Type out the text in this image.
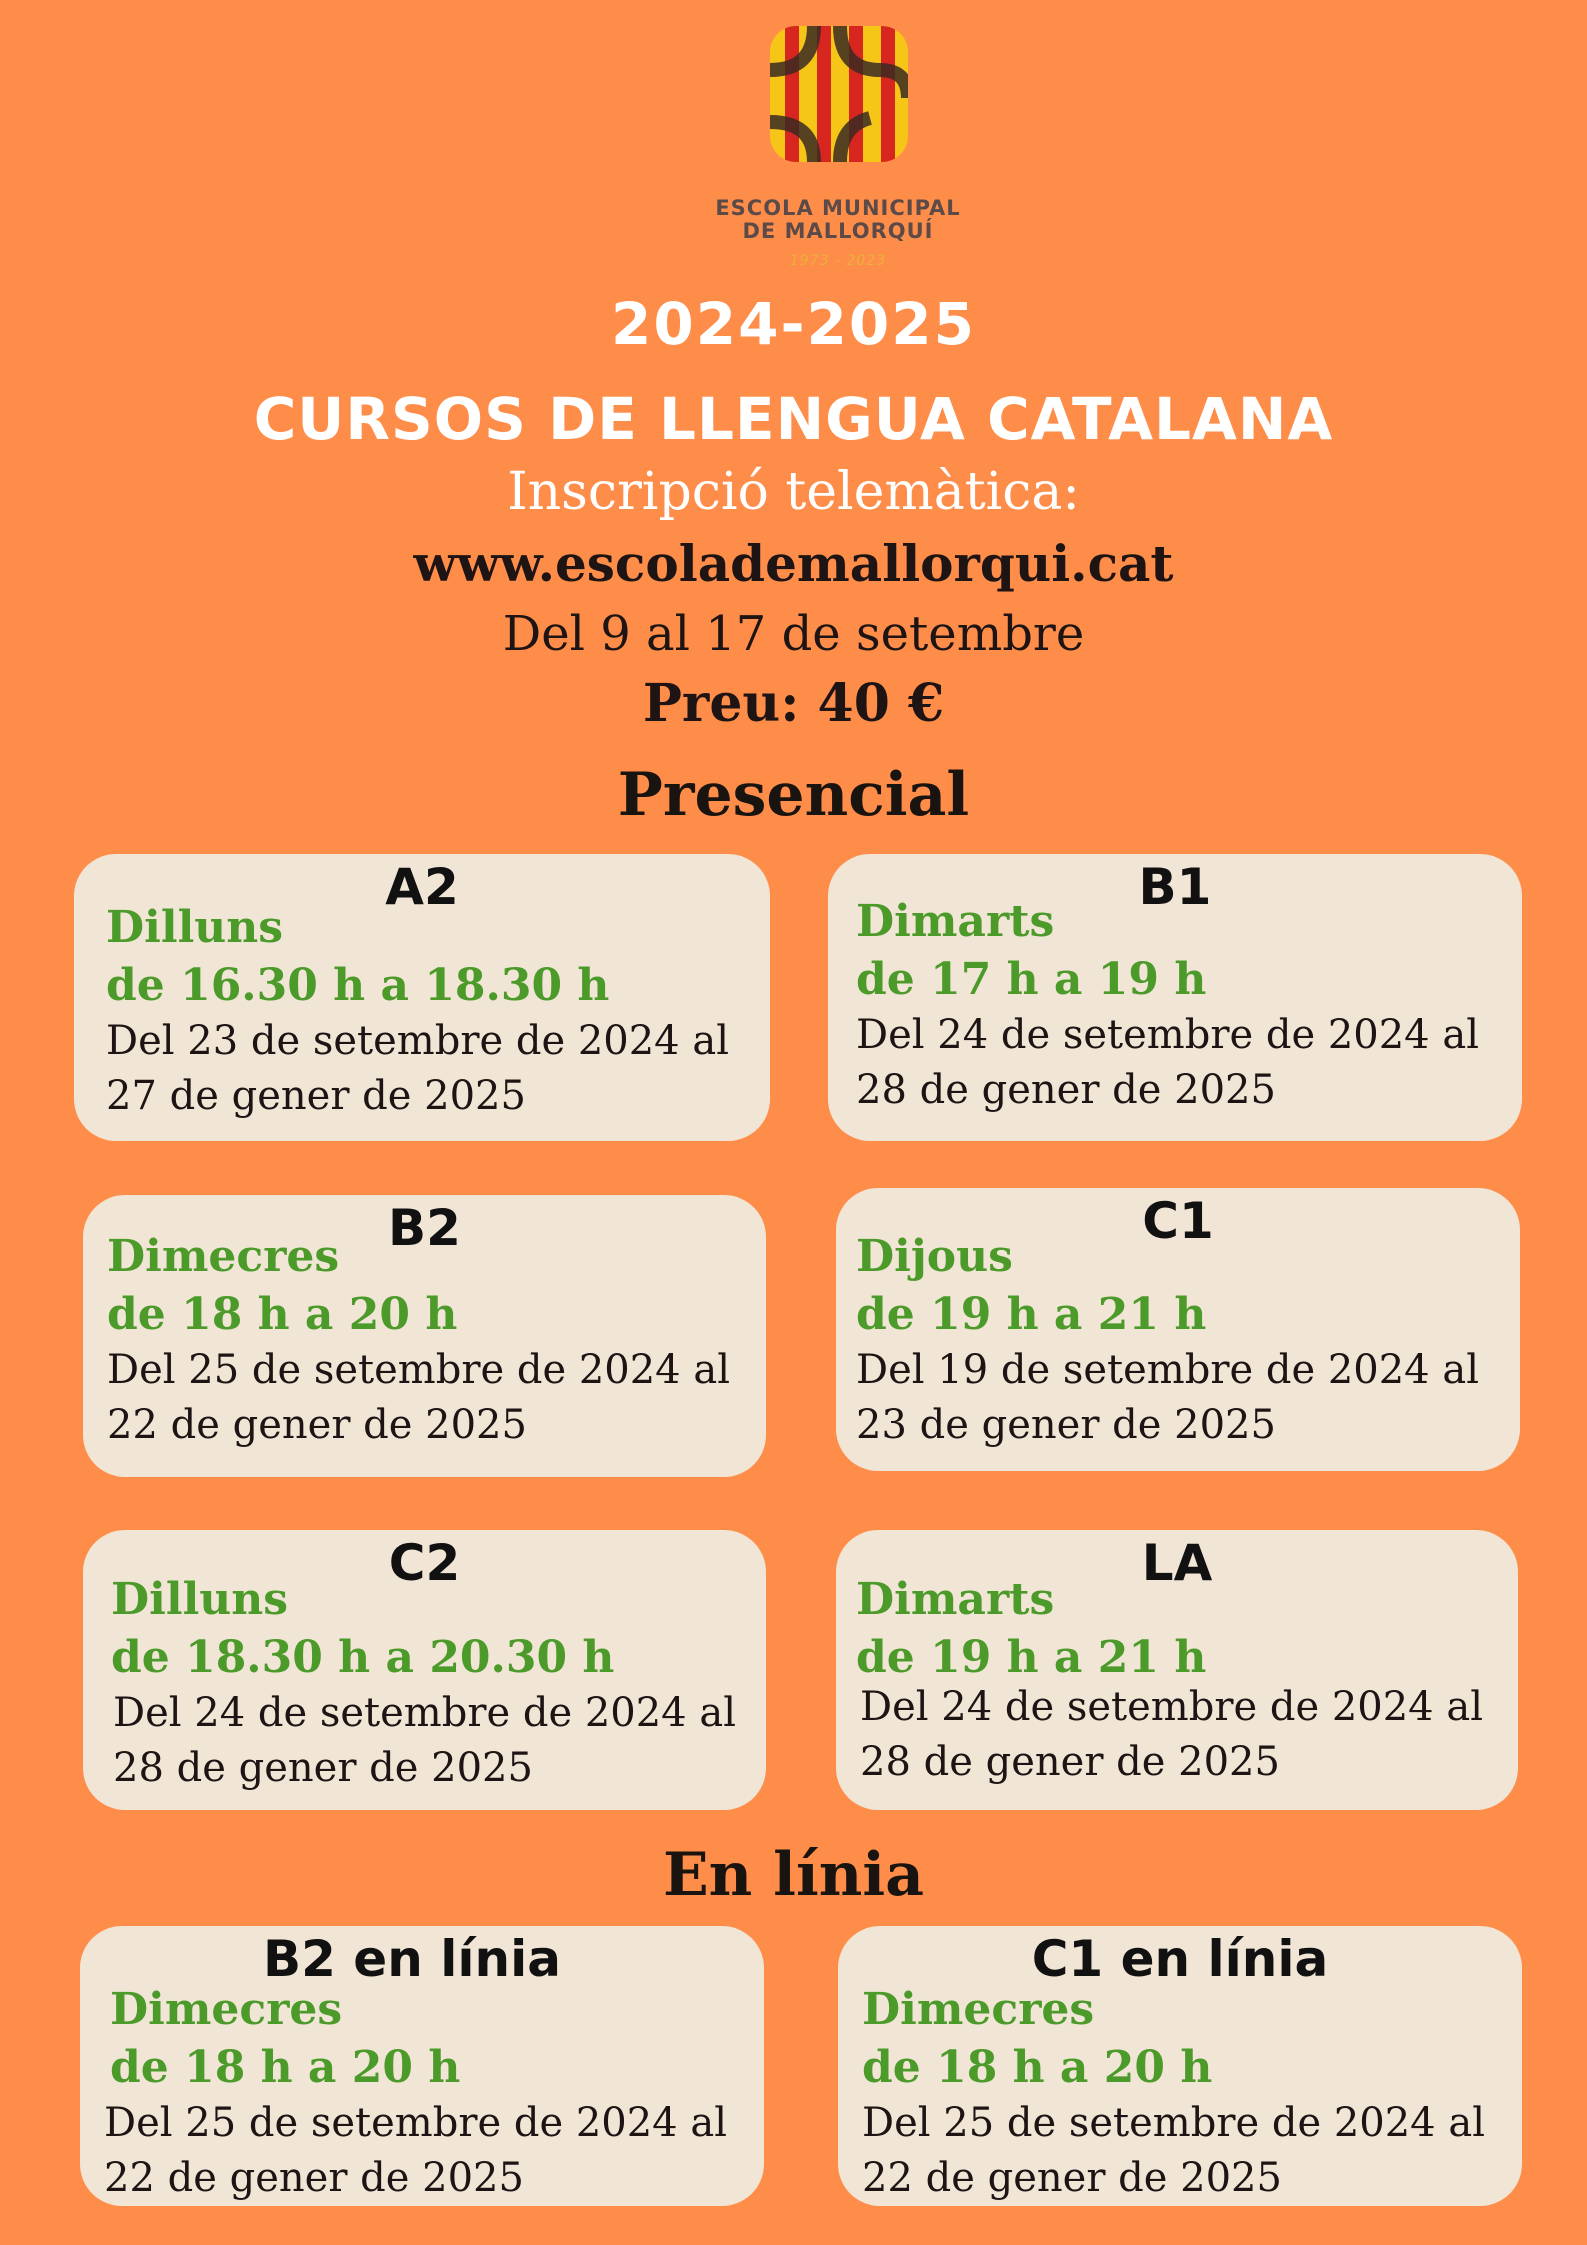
ESCOLA MUNICIPAL
DE MALLORQUÍ
1973 - 2023
2024-2025
CURSOS DE LLENGUA CATALANA
Inscripció telemàtica:
www.escolademallorqui.cat
Del 9 al 17 de setembre
Preu: 40 €
Presencial
A2
Dilluns
de 16.30 h a 18.30 h
Del 23 de setembre de 2024 al 27 de gener de 2025
B1
Dimarts
de 17 h a 19 h
Del 24 de setembre de 2024 al 28 de gener de 2025
B2
Dimecres
de 18 h a 20 h
Del 25 de setembre de 2024 al 22 de gener de 2025
C1
Dijous
de 19 h a 21 h
Del 19 de setembre de 2024 al 23 de gener de 2025
C2
Dilluns
de 18.30 h a 20.30 h
Del 24 de setembre de 2024 al 28 de gener de 2025
LA
Dimarts
de 19 h a 21 h
Del 24 de setembre de 2024 al 28 de gener de 2025
En línia
B2 en línia
Dimecres
de 18 h a 20 h
Del 25 de setembre de 2024 al 22 de gener de 2025
C1 en línia
Dimecres
de 18 h a 20 h
Del 25 de setembre de 2024 al 22 de gener de 2025
